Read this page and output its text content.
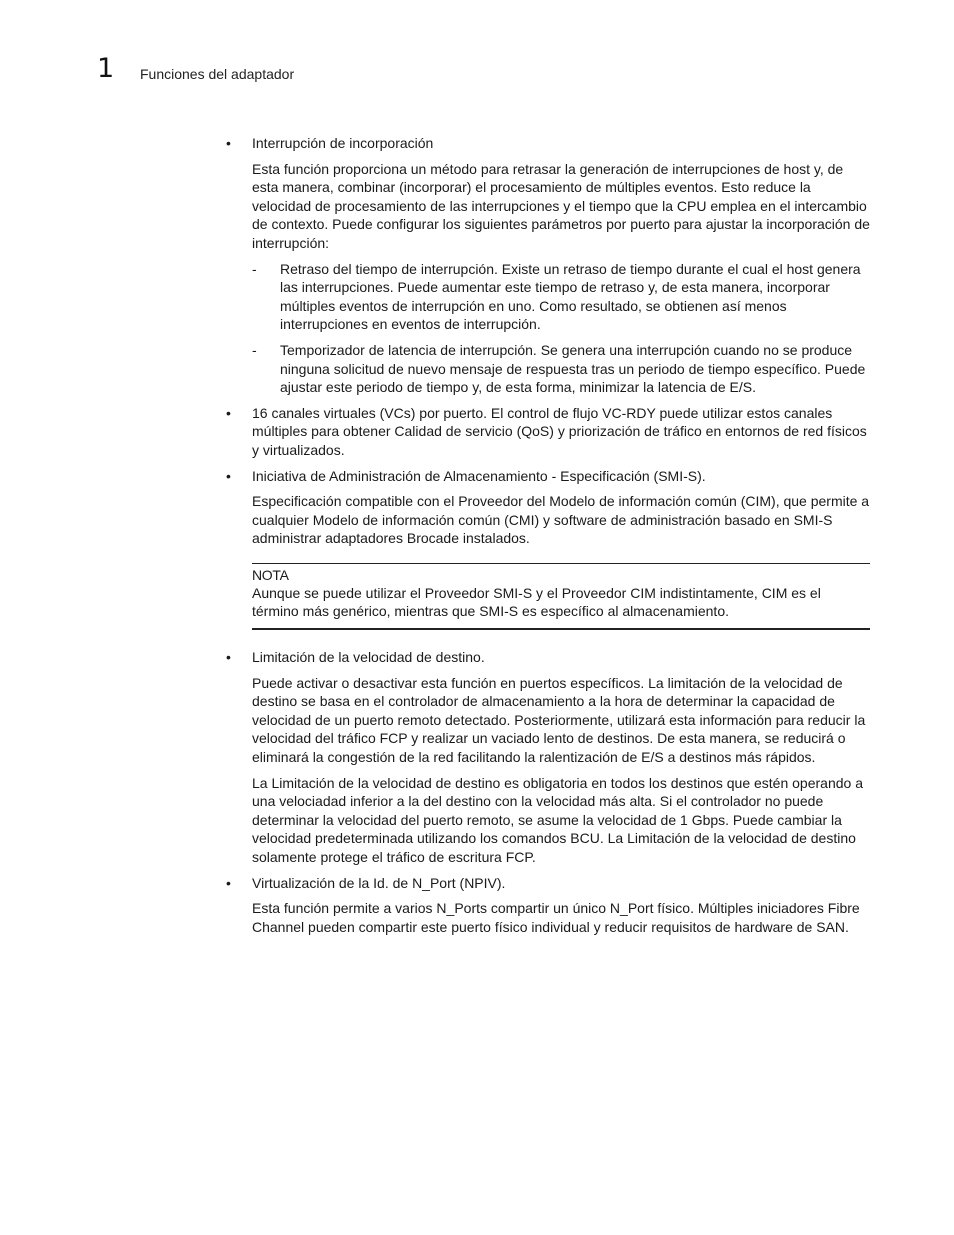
1 Funciones del adaptador
• Interrupción de incorporación

Esta función proporciona un método para retrasar la generación de interrupciones de host y, de esta manera, combinar (incorporar) el procesamiento de múltiples eventos. Esto reduce la velocidad de procesamiento de las interrupciones y el tiempo que la CPU emplea en el intercambio de contexto. Puede configurar los siguientes parámetros por puerto para ajustar la incorporación de interrupción:

- Retraso del tiempo de interrupción. Existe un retraso de tiempo durante el cual el host genera las interrupciones. Puede aumentar este tiempo de retraso y, de esta manera, incorporar múltiples eventos de interrupción en uno. Como resultado, se obtienen así menos interrupciones en eventos de interrupción.
- Temporizador de latencia de interrupción. Se genera una interrupción cuando no se produce ninguna solicitud de nuevo mensaje de respuesta tras un periodo de tiempo específico. Puede ajustar este periodo de tiempo y, de esta forma, minimizar la latencia de E/S.
• 16 canales virtuales (VCs) por puerto. El control de flujo VC-RDY puede utilizar estos canales múltiples para obtener Calidad de servicio (QoS) y priorización de tráfico en entornos de red físicos y virtualizados.
• Iniciativa de Administración de Almacenamiento - Especificación (SMI-S).

Especificación compatible con el Proveedor del Modelo de información común (CIM), que permite a cualquier Modelo de información común (CMI) y software de administración basado en SMI-S administrar adaptadores Brocade instalados.

NOTA
Aunque se puede utilizar el Proveedor SMI-S y el Proveedor CIM indistintamente, CIM es el término más genérico, mientras que SMI-S es específico al almacenamiento.
• Limitación de la velocidad de destino.

Puede activar o desactivar esta función en puertos específicos. La limitación de la velocidad de destino se basa en el controlador de almacenamiento a la hora de determinar la capacidad de velocidad de un puerto remoto detectado. Posteriormente, utilizará esta información para reducir la velocidad del tráfico FCP y realizar un vaciado lento de destinos. De esta manera, se reducirá o eliminará la congestión de la red facilitando la ralentización de E/S a destinos más rápidos.

La Limitación de la velocidad de destino es obligatoria en todos los destinos que estén operando a una velociadad inferior a la del destino con la velocidad más alta. Si el controlador no puede determinar la velocidad del puerto remoto, se asume la velocidad de 1 Gbps. Puede cambiar la velocidad predeterminada utilizando los comandos BCU. La Limitación de la velocidad de destino solamente protege el tráfico de escritura FCP.

• Virtualización de la Id. de N_Port (NPIV).

Esta función permite a varios N_Ports compartir un único N_Port físico. Múltiples iniciadores Fibre Channel pueden compartir este puerto físico individual y reducir requisitos de hardware de SAN.
